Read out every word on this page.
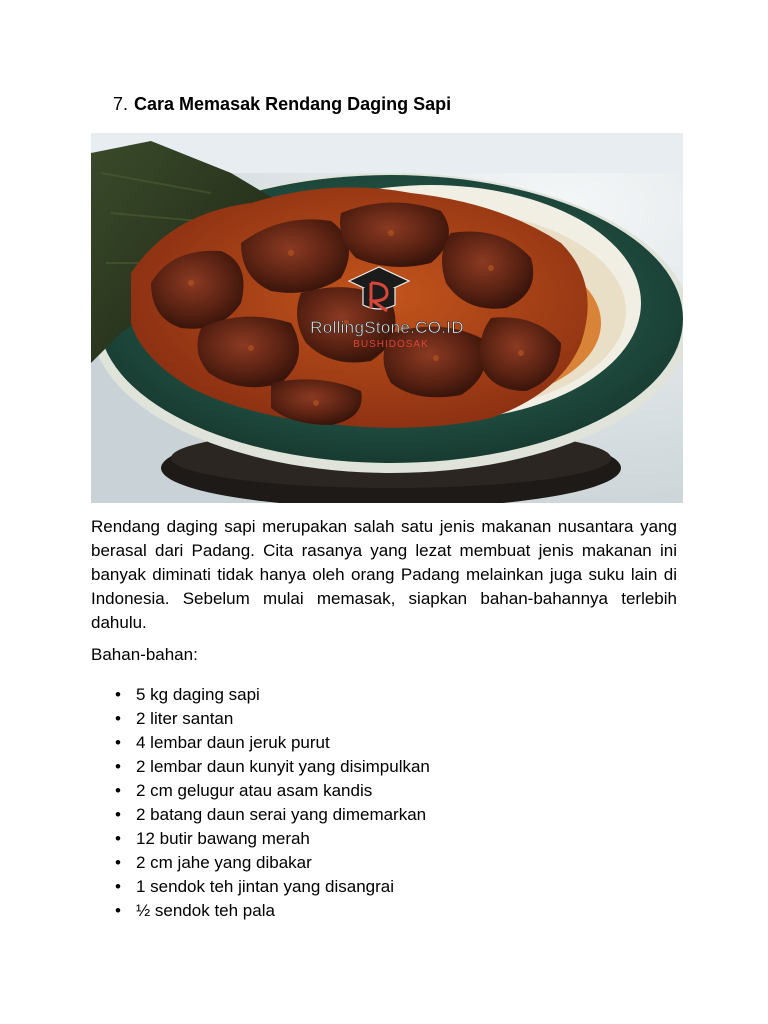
7. Cara Memasak Rendang Daging Sapi
RollingStone.CO.ID
BUSHIDOSAK

Rendang daging sapi merupakan salah satu jenis makanan nusantara yang berasal dari Padang. Cita rasanya yang lezat membuat jenis makanan ini banyak diminati tidak hanya oleh orang Padang melainkan juga suku lain di Indonesia. Sebelum mulai memasak, siapkan bahan-bahannya terlebih dahulu.

Bahan-bahan:

• 5 kg daging sapi
• 2 liter santan
• 4 lembar daun jeruk purut
• 2 lembar daun kunyit yang disimpulkan
• 2 cm gelugur atau asam kandis
• 2 batang daun serai yang dimemarkan
• 12 butir bawang merah
• 2 cm jahe yang dibakar
• 1 sendok teh jintan yang disangrai
• ½ sendok teh pala
